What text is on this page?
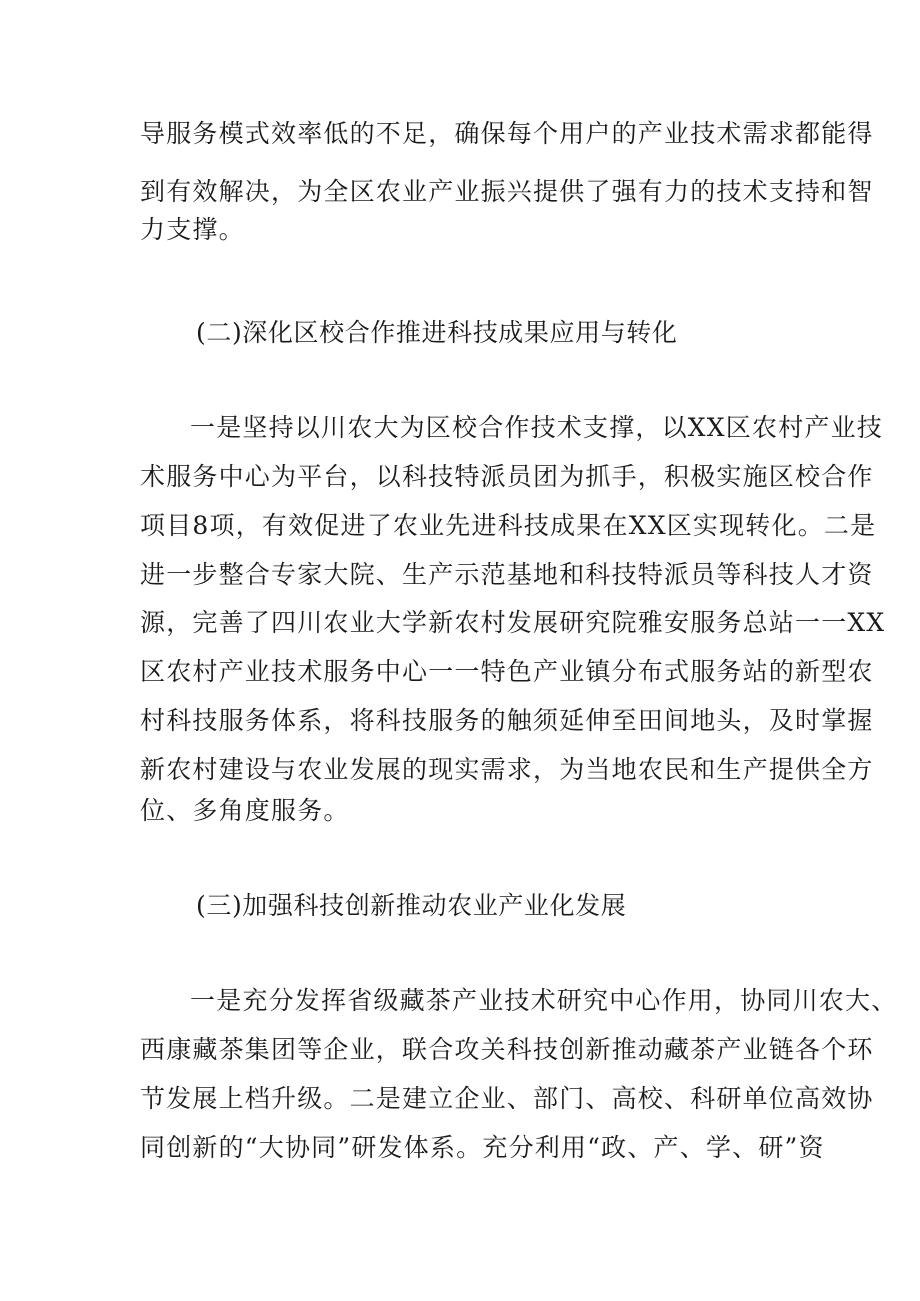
导服务模式效率低的不足，确保每个用户的产业技术需求都能得
到有效解决，为全区农业产业振兴提供了强有力的技术支持和智
力支撑。
(二)深化区校合作推进科技成果应用与转化
一是坚持以川农大为区校合作技术支撑，以XX区农村产业技
术服务中心为平台，以科技特派员团为抓手，积极实施区校合作
项目8项，有效促进了农业先进科技成果在XX区实现转化。二是
进一步整合专家大院、生产示范基地和科技特派员等科技人才资
源，完善了四川农业大学新农村发展研究院雅安服务总站一一XX
区农村产业技术服务中心一一特色产业镇分布式服务站的新型农
村科技服务体系，将科技服务的触须延伸至田间地头，及时掌握
新农村建设与农业发展的现实需求，为当地农民和生产提供全方
位、多角度服务。
(三)加强科技创新推动农业产业化发展
一是充分发挥省级藏茶产业技术研究中心作用，协同川农大、
西康藏茶集团等企业，联合攻关科技创新推动藏茶产业链各个环
节发展上档升级。二是建立企业、部门、高校、科研单位高效协
同创新的“大协同”研发体系。充分利用“政、产、学、研”资
